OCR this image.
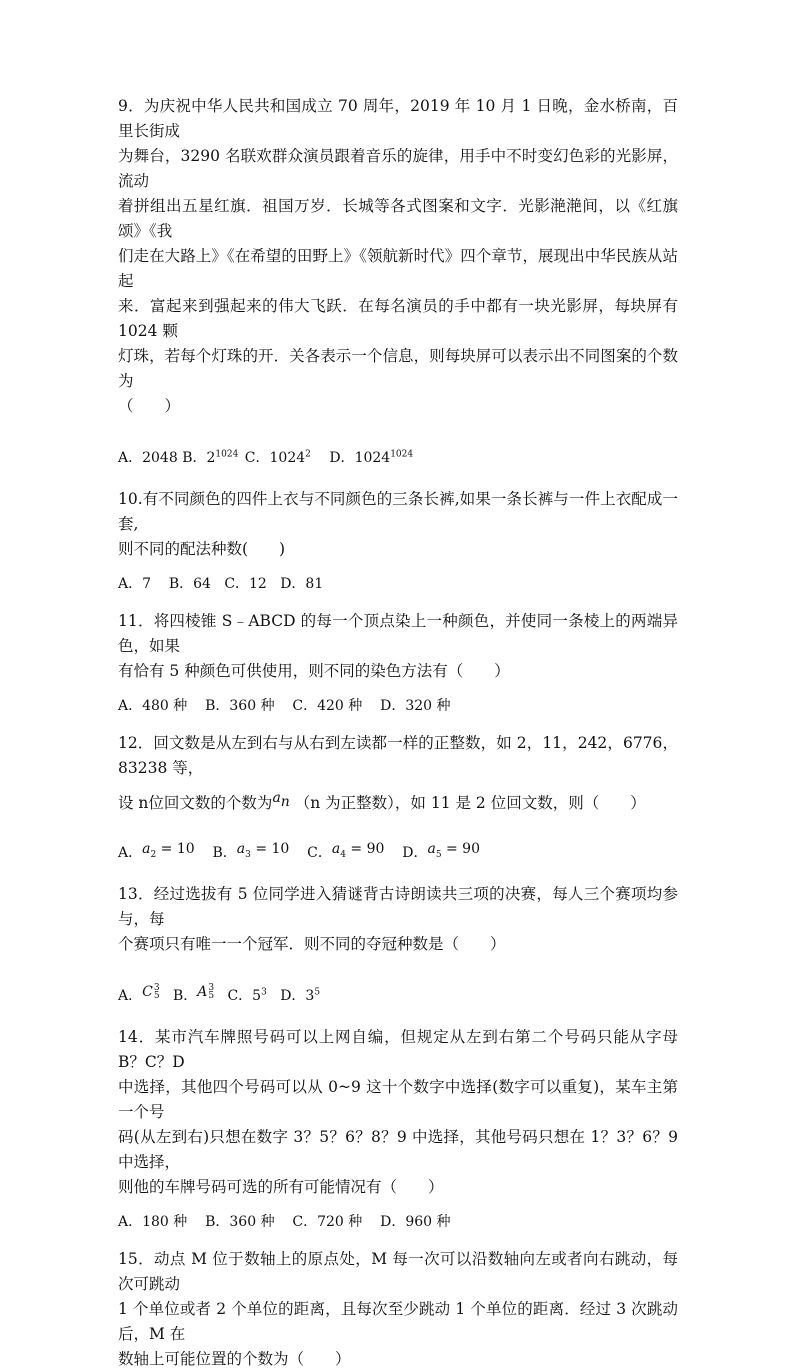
9．为庆祝中华人民共和国成立 70 周年，2019 年 10 月 1 日晚，金水桥南，百里长街成

为舞台，3290 名联欢群众演员跟着音乐的旋律，用手中不时变幻色彩的光影屏，流动

着拼组出五星红旗．祖国万岁．长城等各式图案和文字．光影滟滟间，以《红旗颂》《我

们走在大路上》《在希望的田野上》《领航新时代》四个章节，展现出中华民族从站起

来．富起来到强起来的伟大飞跃．在每名演员的手中都有一块光影屏，每块屏有 1024 颗

灯珠，若每个灯珠的开．关各表示一个信息，则每块屏可以表示出不同图案的个数为

（　　）

A．2048 B．$2^{1024}$ C．1024$^2$ D．$1024^{1024}$

10.有不同颜色的四件上衣与不同颜色的三条长裤,如果一条长裤与一件上衣配成一套,

则不同的配法种数(　　)

A．7 B．64 C．12 D．81

11．将四棱锥 S﹣ABCD 的每一个顶点染上一种颜色，并使同一条棱上的两端异色，如果

有恰有 5 种颜色可供使用，则不同的染色方法有（　　）

A．480 种 B．360 种 C．420 种 D．320 种

12．回文数是从左到右与从右到左读都一样的正整数，如 2，11，242，6776，83238 等，

设 n位回文数的个数为$a_n$ （n 为正整数），如 11 是 2 位回文数，则（　　）

A．$a_2 = 10$ B．$a_3 = 10$ C．$a_4 = 90$ D．$a_5 = 90$

13．经过选拔有 5 位同学进入猜谜背古诗朗读共三项的决赛，每人三个赛项均参与，每

个赛项只有唯一一个冠军．则不同的夺冠种数是（　　）

A．C3
5 B．A3
5 C．$5^3$ D．$3^5$

14．某市汽车牌照号码可以上网自编，但规定从左到右第二个号码只能从字母 B？C？D

中选择，其他四个号码可以从 0~9 这十个数字中选择(数字可以重复)，某车主第一个号

码(从左到右)只想在数字 3？5？6？8？9 中选择，其他号码只想在 1？3？6？9 中选择，

则他的车牌号码可选的所有可能情况有（　　）

A．180 种 B．360 种 C．720 种 D．960 种

15．动点 M 位于数轴上的原点处，M 每一次可以沿数轴向左或者向右跳动，每次可跳动

1 个单位或者 2 个单位的距离，且每次至少跳动 1 个单位的距离．经过 3 次跳动后，M 在

数轴上可能位置的个数为（　　）
